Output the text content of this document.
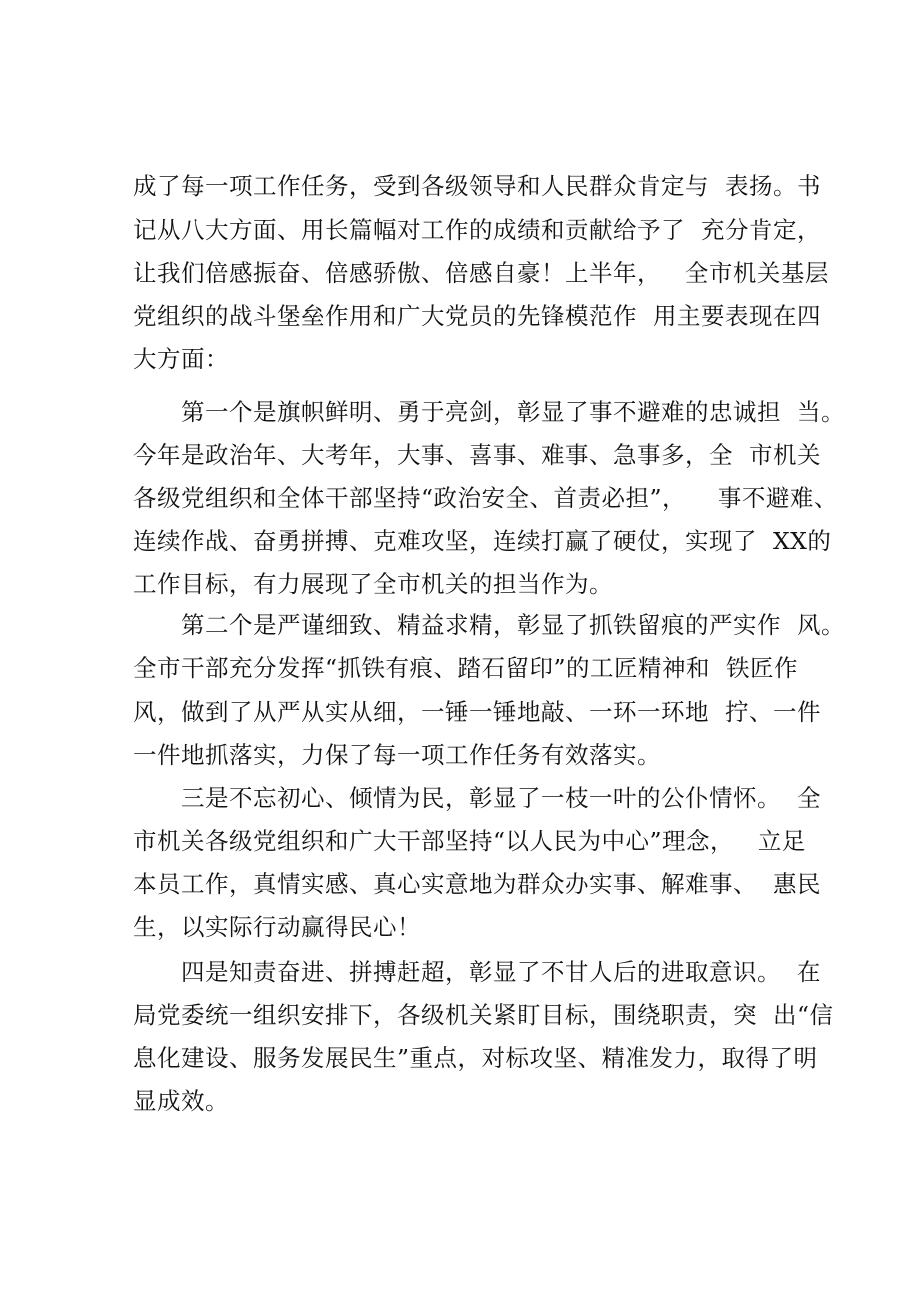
成了每一项工作任务，受到各级领导和人民群众肯定与  表扬。书
记从八大方面、用长篇幅对工作的成绩和贡献给予了  充分肯定，
让我们倍感振奋、倍感骄傲、倍感自豪！上半年，   全市机关基层
党组织的战斗堡垒作用和广大党员的先锋模范作  用主要表现在四
大方面：
第一个是旗帜鲜明、勇于亮剑，彰显了事不避难的忠诚担  当。
今年是政治年、大考年，大事、喜事、难事、急事多，全  市机关
各级党组织和全体干部坚持“政治安全、首责必担”，    事不避难、
连续作战、奋勇拼搏、克难攻坚，连续打赢了硬仗，实现了  XX的
工作目标，有力展现了全市机关的担当作为。
第二个是严谨细致、精益求精，彰显了抓铁留痕的严实作  风。
全市干部充分发挥“抓铁有痕、踏石留印”的工匠精神和  铁匠作
风，做到了从严从实从细，一锤一锤地敲、一环一环地  拧、一件
一件地抓落实，力保了每一项工作任务有效落实。
三是不忘初心、倾情为民，彰显了一枝一叶的公仆情怀。  全
市机关各级党组织和广大干部坚持“以人民为中心”理念，   立足
本员工作，真情实感、真心实意地为群众办实事、解难事、  惠民
生，以实际行动赢得民心！
四是知责奋进、拼搏赶超，彰显了不甘人后的进取意识。  在
局党委统一组织安排下，各级机关紧盯目标，围绕职责，突  出“信
息化建设、服务发展民生”重点，对标攻坚、精准发力，取得了明
显成效。
